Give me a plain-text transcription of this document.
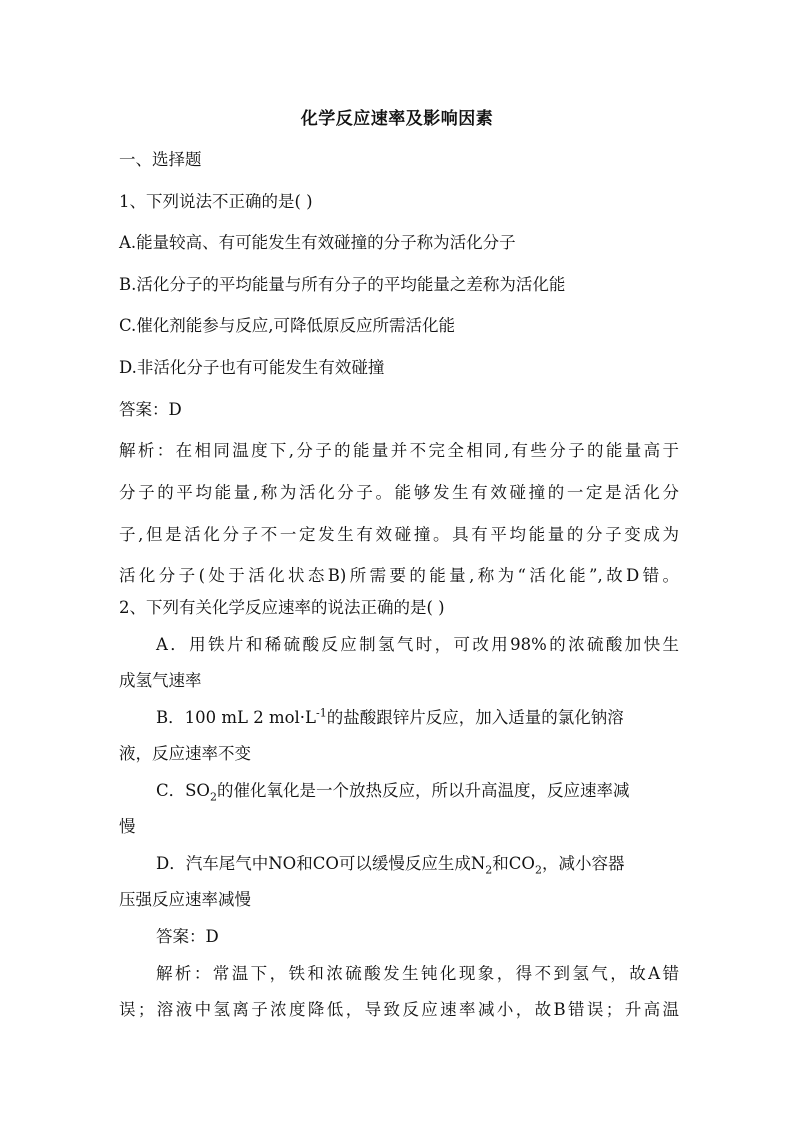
化学反应速率及影响因素
一、选择题
1、下列说法不正确的是( )
A.能量较高、有可能发生有效碰撞的分子称为活化分子
B.活化分子的平均能量与所有分子的平均能量之差称为活化能
C.催化剂能参与反应,可降低原反应所需活化能
D.非活化分子也有可能发生有效碰撞
答案：D
解析：在相同温度下,分子的能量并不完全相同,有些分子的能量高于
分子的平均能量,称为活化分子。能够发生有效碰撞的一定是活化分
子,但是活化分子不一定发生有效碰撞。具有平均能量的分子变成为
活化分子(处于活化状态B)所需要的能量,称为“活化能”,故D错。
2、下列有关化学反应速率的说法正确的是( )
A．用铁片和稀硫酸反应制氢气时，可改用98%的浓硫酸加快生
成氢气速率
B．100 mL 2 $mol\cdot L^{-1}$的盐酸跟锌片反应，加入适量的氯化钠溶
液，反应速率不变
C．$SO_2$的催化氧化是一个放热反应，所以升高温度，反应速率减
慢
D．汽车尾气中NO和CO可以缓慢反应生成$N_2$和$CO_2$，减小容器
压强反应速率减慢
答案：D
解析：常温下，铁和浓硫酸发生钝化现象，得不到氢气，故A错
误；溶液中氢离子浓度降低，导致反应速率减小，故B错误；升高温
